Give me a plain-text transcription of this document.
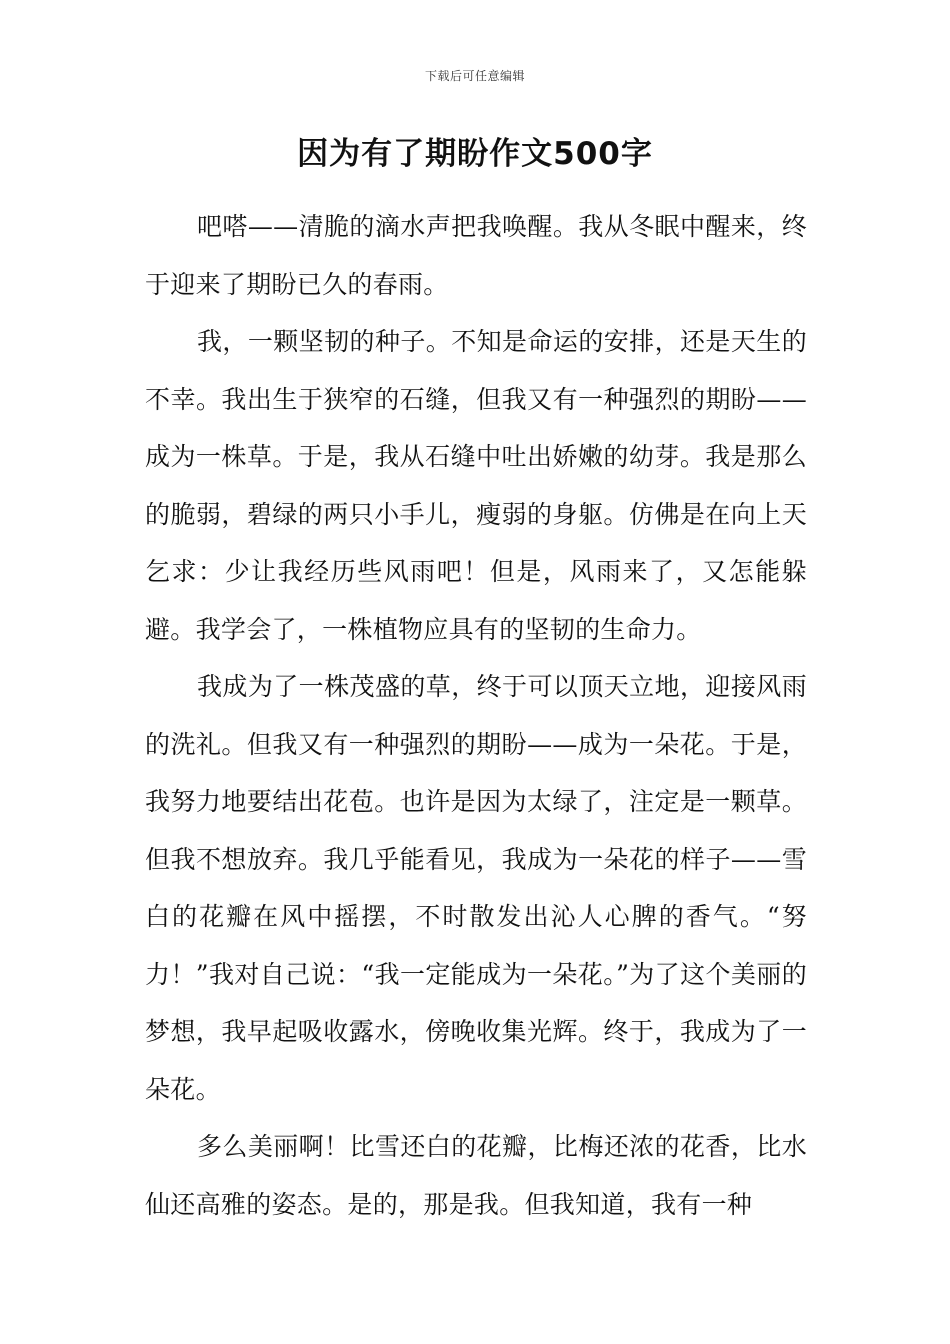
下载后可任意编辑
因为有了期盼作文500字

吧嗒——清脆的滴水声把我唤醒。我从冬眠中醒来，终于迎来了期盼已久的春雨。

我，一颗坚韧的种子。不知是命运的安排，还是天生的不幸。我出生于狭窄的石缝，但我又有一种强烈的期盼——成为一株草。于是，我从石缝中吐出娇嫩的幼芽。我是那么的脆弱，碧绿的两只小手儿，瘦弱的身躯。仿佛是在向上天乞求：少让我经历些风雨吧！但是，风雨来了，又怎能躲避。我学会了，一株植物应具有的坚韧的生命力。

我成为了一株茂盛的草，终于可以顶天立地，迎接风雨的洗礼。但我又有一种强烈的期盼——成为一朵花。于是，我努力地要结出花苞。也许是因为太绿了，注定是一颗草。但我不想放弃。我几乎能看见，我成为一朵花的样子——雪白的花瓣在风中摇摆，不时散发出沁人心脾的香气。“努力！”我对自己说：“我一定能成为一朵花。”为了这个美丽的梦想，我早起吸收露水，傍晚收集光辉。终于，我成为了一朵花。

多么美丽啊！比雪还白的花瓣，比梅还浓的花香，比水仙还高雅的姿态。是的，那是我。但我知道，我有一种
